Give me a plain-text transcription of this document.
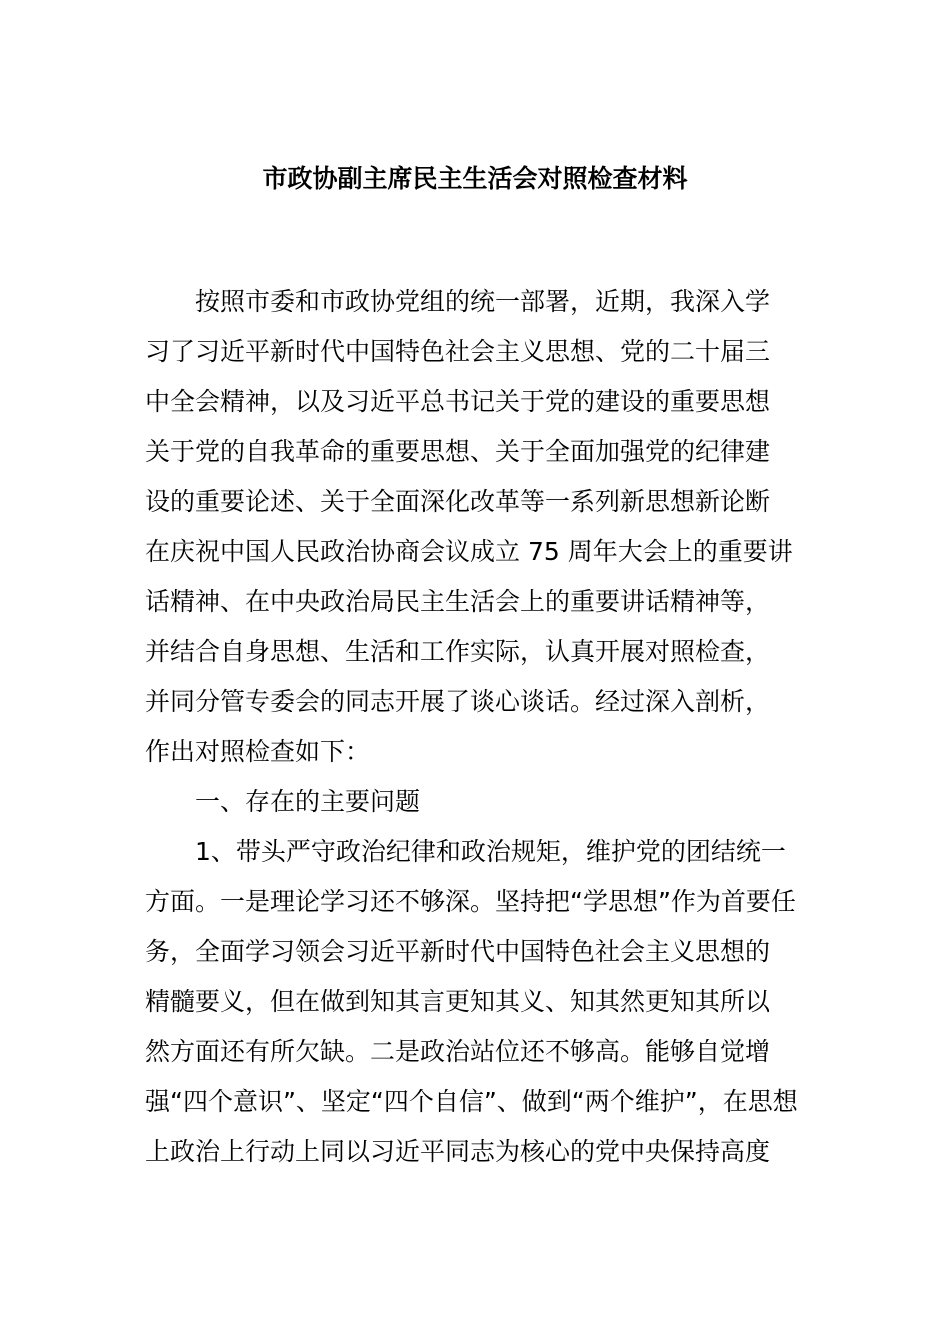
市政协副主席民主生活会对照检查材料
按照市委和市政协党组的统一部署，近期，我深入学
习了习近平新时代中国特色社会主义思想、党的二十届三
中全会精神，以及习近平总书记关于党的建设的重要思想
关于党的自我革命的重要思想、关于全面加强党的纪律建
设的重要论述、关于全面深化改革等一系列新思想新论断
在庆祝中国人民政治协商会议成立 75 周年大会上的重要讲
话精神、在中央政治局民主生活会上的重要讲话精神等，
并结合自身思想、生活和工作实际，认真开展对照检查，
并同分管专委会的同志开展了谈心谈话。经过深入剖析，
作出对照检查如下：
一、存在的主要问题
1、带头严守政治纪律和政治规矩，维护党的团结统一
方面。一是理论学习还不够深。坚持把“学思想”作为首要任
务，全面学习领会习近平新时代中国特色社会主义思想的
精髓要义，但在做到知其言更知其义、知其然更知其所以
然方面还有所欠缺。二是政治站位还不够高。能够自觉增
强“四个意识”、坚定“四个自信”、做到“两个维护”，在思想
上政治上行动上同以习近平同志为核心的党中央保持高度
